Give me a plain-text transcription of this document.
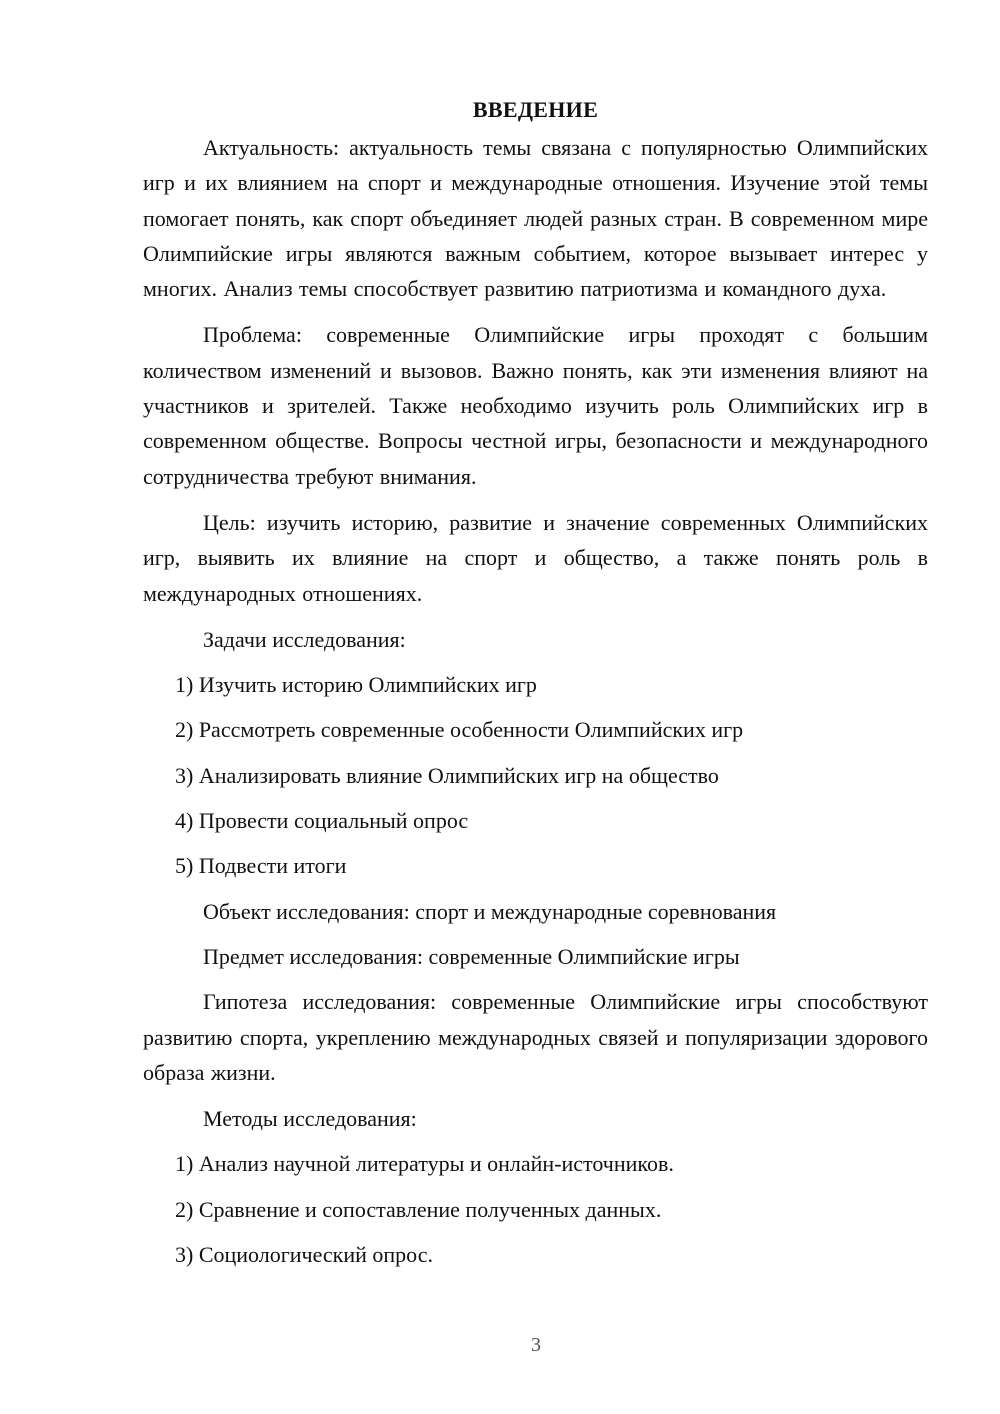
ВВЕДЕНИЕ

Актуальность: актуальность темы связана с популярностью Олимпийских игр и их влиянием на спорт и международные отношения. Изучение этой темы помогает понять, как спорт объединяет людей разных стран. В современном мире Олимпийские игры являются важным событием, которое вызывает интерес у многих. Анализ темы способствует развитию патриотизма и командного духа.

Проблема: современные Олимпийские игры проходят с большим количеством изменений и вызовов. Важно понять, как эти изменения влияют на участников и зрителей. Также необходимо изучить роль Олимпийских игр в современном обществе. Вопросы честной игры, безопасности и международного сотрудничества требуют внимания.

Цель: изучить историю, развитие и значение современных Олимпийских игр, выявить их влияние на спорт и общество, а также понять роль в международных отношениях.

Задачи исследования:
1) Изучить историю Олимпийских игр
2) Рассмотреть современные особенности Олимпийских игр
3) Анализировать влияние Олимпийских игр на общество
4) Провести социальный опрос
5) Подвести итоги
Объект исследования: спорт и международные соревнования
Предмет исследования: современные Олимпийские игры

Гипотеза исследования: современные Олимпийские игры способствуют развитию спорта, укреплению международных связей и популяризации здорового образа жизни.

Методы исследования:
1) Анализ научной литературы и онлайн-источников.
2) Сравнение и сопоставление полученных данных.
3) Социологический опрос.
3
